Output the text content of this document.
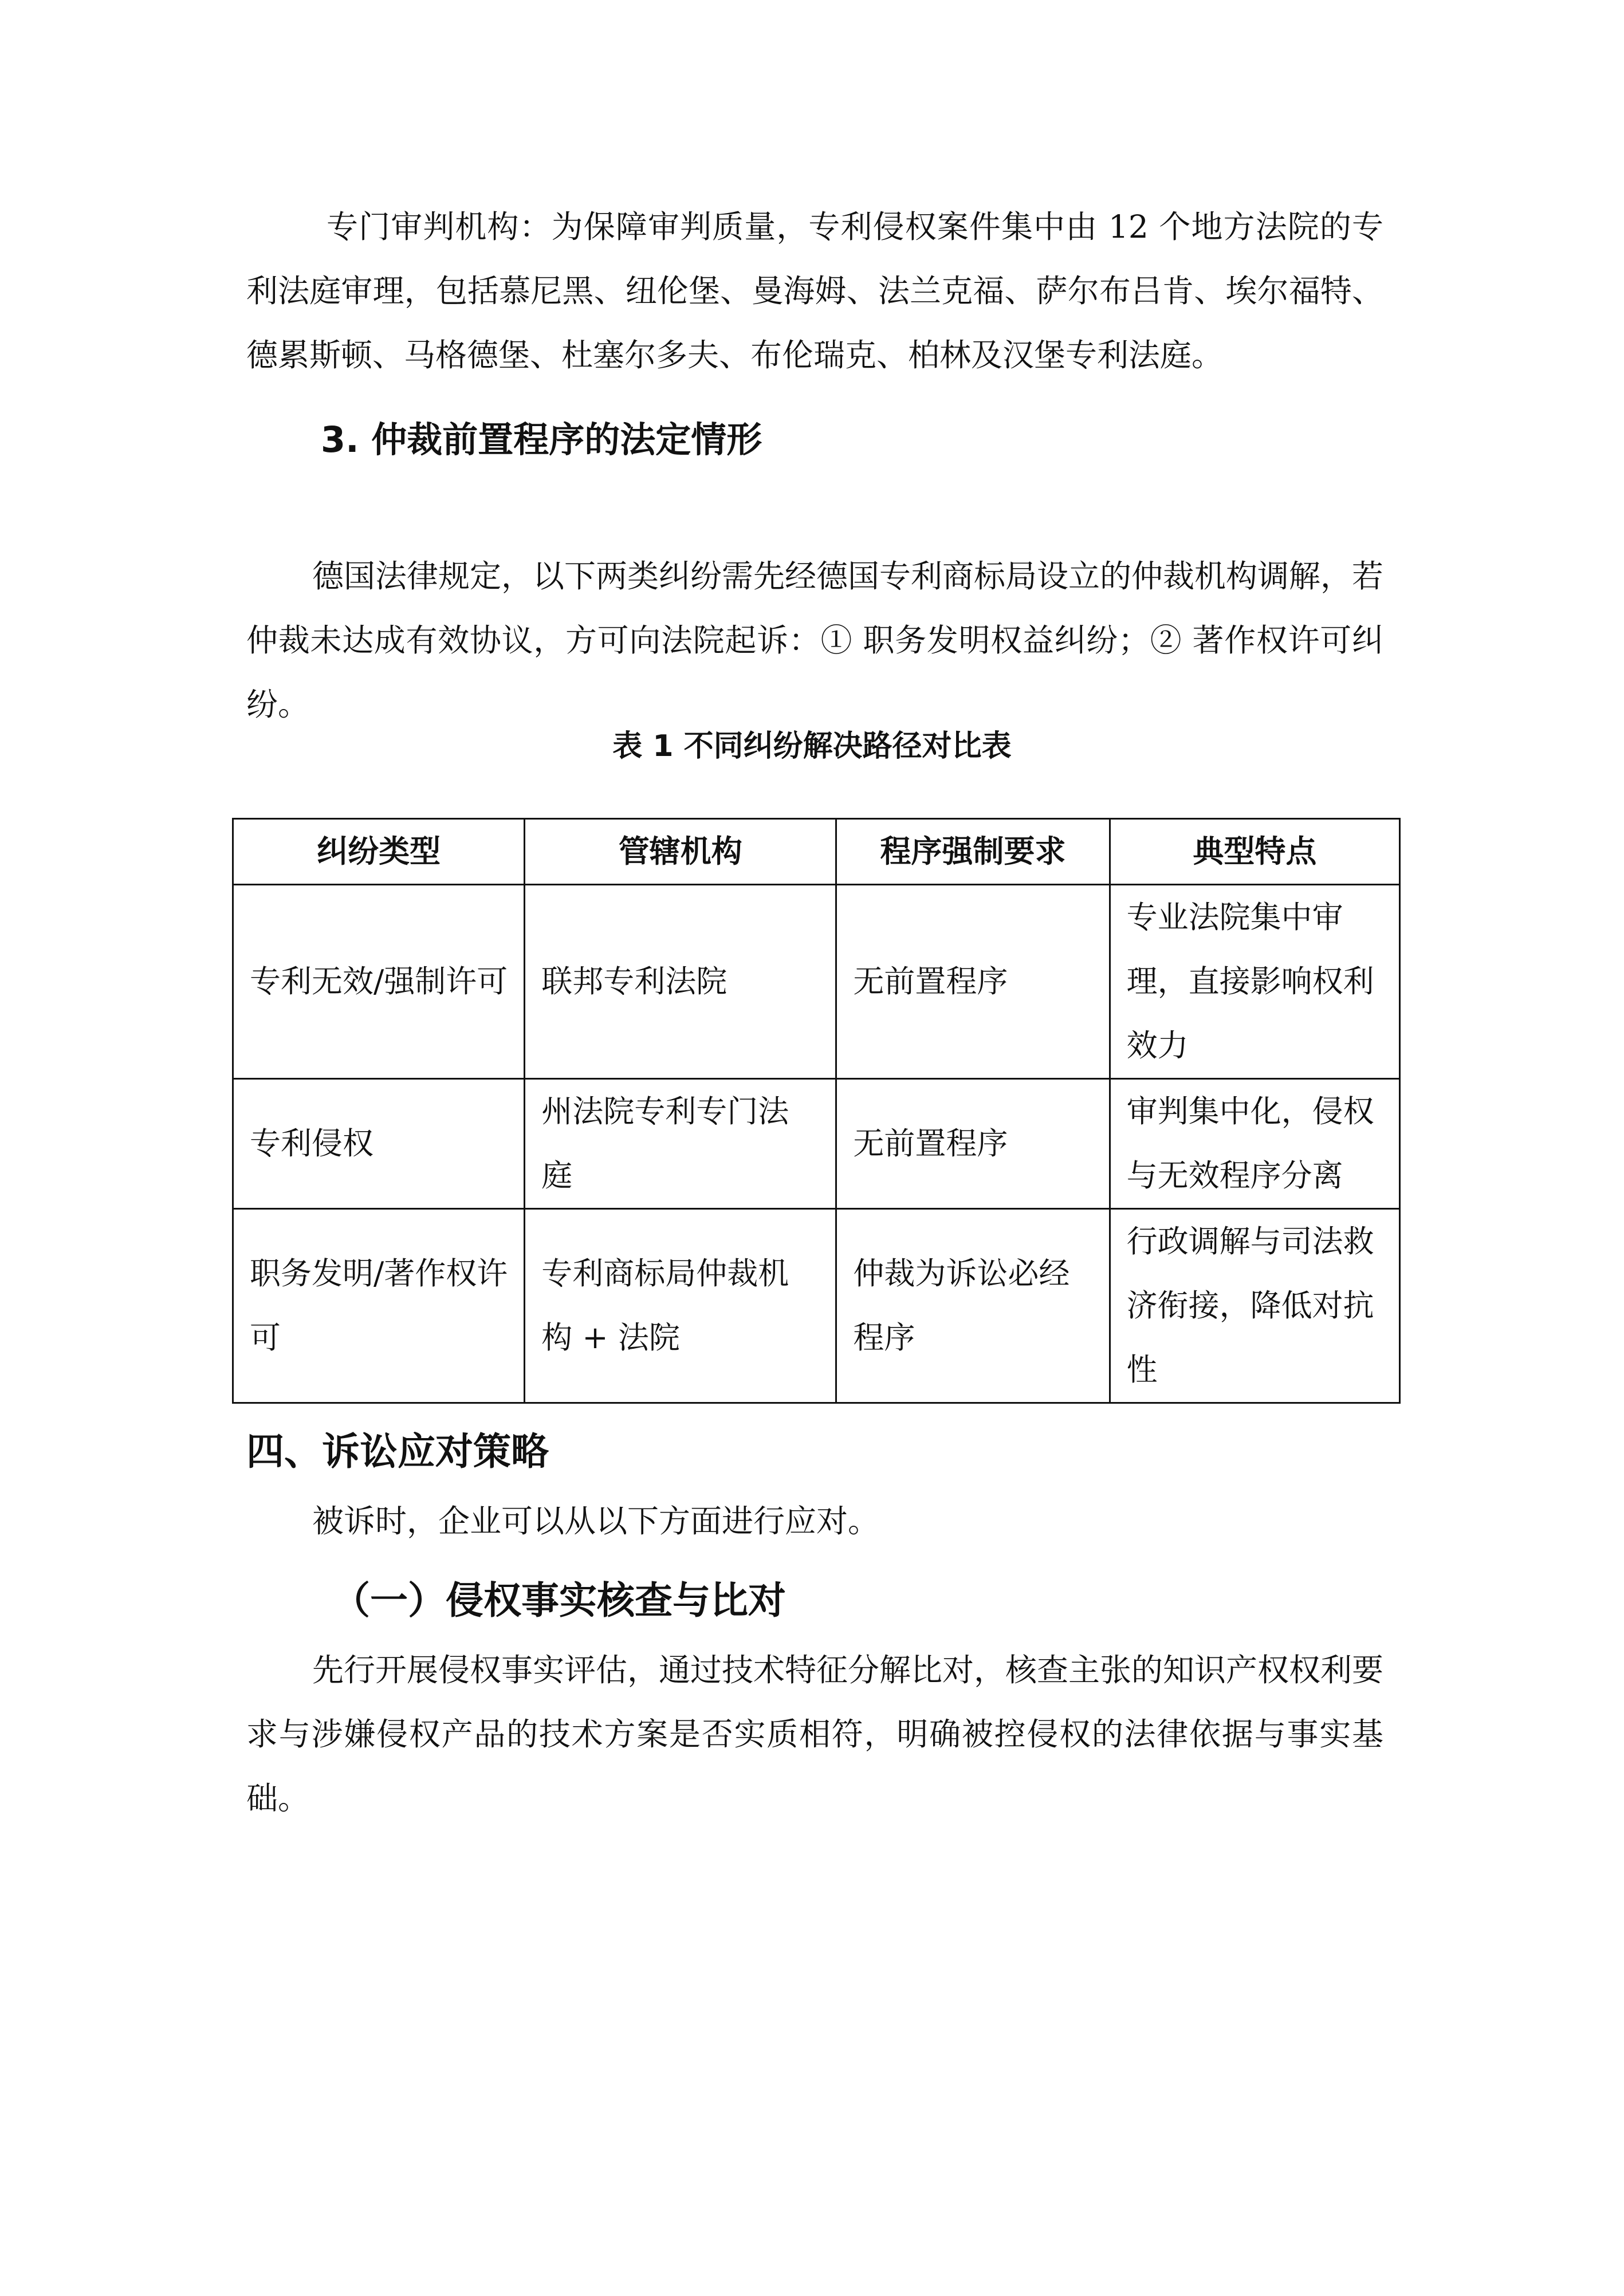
专门审判机构：为保障审判质量，专利侵权案件集中由 12 个地方法院的专利法庭审理，包括慕尼黑、纽伦堡、曼海姆、法兰克福、萨尔布吕肯、埃尔福特、德累斯顿、马格德堡、杜塞尔多夫、布伦瑞克、柏林及汉堡专利法庭。

3. 仲裁前置程序的法定情形

德国法律规定，以下两类纠纷需先经德国专利商标局设立的仲裁机构调解，若仲裁未达成有效协议，方可向法院起诉：① 职务发明权益纠纷；② 著作权许可纠纷。

表 1 不同纠纷解决路径对比表
纠纷类型	管辖机构	程序强制要求	典型特点
专利无效/强制许可	联邦专利法院	无前置程序	专业法院集中审理，直接影响权利效力
专利侵权	州法院专利专门法庭	无前置程序	审判集中化，侵权与无效程序分离
职务发明/著作权许可	专利商标局仲裁机构 + 法院	仲裁为诉讼必经程序	行政调解与司法救济衔接，降低对抗性
四、诉讼应对策略

被诉时，企业可以从以下方面进行应对。

（一）侵权事实核查与比对

先行开展侵权事实评估，通过技术特征分解比对，核查主张的知识产权权利要求与涉嫌侵权产品的技术方案是否实质相符，明确被控侵权的法律依据与事实基础。
